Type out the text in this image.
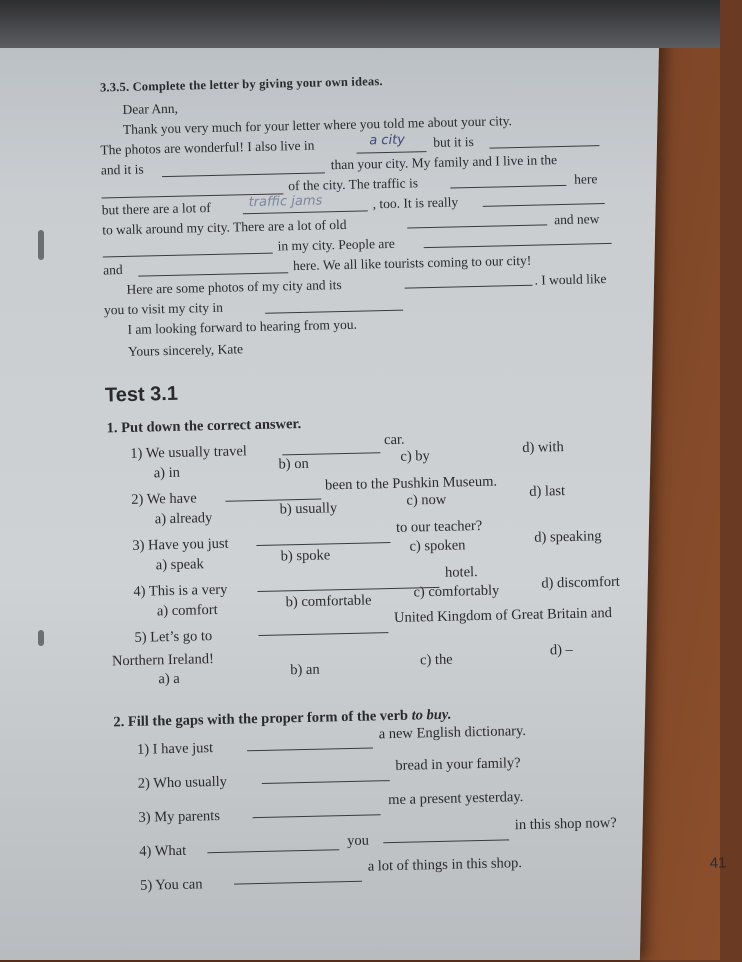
3.3.5. Complete the letter by giving your own ideas.
Dear Ann,
Thank you very much for your letter where you told me about your city.
The photos are wonderful! I also live in	a city but it is
and it is	than your city. My family and I live in the
of the city. The traffic is	here
but there are a lot of	traffic jams	, too. It is really
to walk around my city. There are a lot of old	and new
in my city. People are
and	here. We all like tourists coming to our city!
Here are some photos of my city and its	. I would like
you to visit my city in
I am looking forward to hearing from you.
Yours sincerely, Kate
Test 3.1
1. Put down the correct answer.
1) We usually travel
car.
a) in
b) on	c) by
d) with
2) We have
been to the Pushkin Museum.
a) already
b) usually
c) now
d) last
3) Have you just
to our teacher?
a) speak
b) spoke
c) spoken
d) speaking
4) This is a very
hotel.
a) comfort
b) comfortable
c) comfortably	d) discomfort
5) Let’s go to
United Kingdom of Great Britain and
Northern Ireland!
a) a
b) an
c) the
d) –
2. Fill the gaps with the proper form of the verb to buy.
1) I have just
a new English dictionary.
2) Who usually
bread in your family?
3) My parents
me a present yesterday.
4) What
you
in this shop now?
5) You can
a lot of things in this shop.	41
